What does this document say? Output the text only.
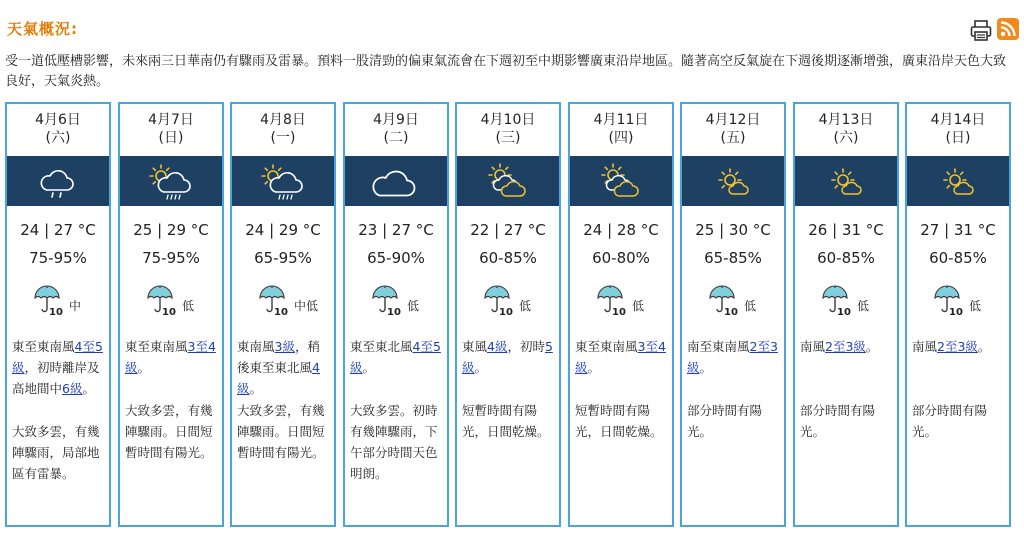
天氣概況:
受一道低壓槽影響，未來兩三日華南仍有驟雨及雷暴。預料一股清勁的偏東氣流會在下週初至中期影響廣東沿岸地區。隨著高空反氣旋在下週後期逐漸增強，廣東沿岸天色大致良好，天氣炎熱。
4月6日
(六)
24 | 27 °C
75-95%
10 中
東至東南風4至5級，初時離岸及高地間中6級。
大致多雲，有幾陣驟雨，局部地區有雷暴。
4月7日
(日)
25 | 29 °C
75-95%
10 低
東至東南風3至4級。
大致多雲，有幾陣驟雨。日間短暫時間有陽光。
4月8日
(一)
24 | 29 °C
65-95%
10 中低
東南風3級，稍後東至東北風4級。
大致多雲，有幾陣驟雨。日間短暫時間有陽光。
4月9日
(二)
23 | 27 °C
65-90%
10 低
東至東北風4至5級。
大致多雲。初時有幾陣驟雨，下午部分時間天色明朗。
4月10日
(三)
22 | 27 °C
60-85%
10 低
東風4級，初時5級。
短暫時間有陽光，日間乾燥。
4月11日
(四)
24 | 28 °C
60-80%
10 低
東至東南風3至4級。
短暫時間有陽光，日間乾燥。
4月12日
(五)
25 | 30 °C
65-85%
10 低
南至東南風2至3級。
部分時間有陽光。
4月13日
(六)
26 | 31 °C
60-85%
10 低
南風2至3級。
部分時間有陽光。
4月14日
(日)
27 | 31 °C
60-85%
10 低
南風2至3級。
部分時間有陽光。
